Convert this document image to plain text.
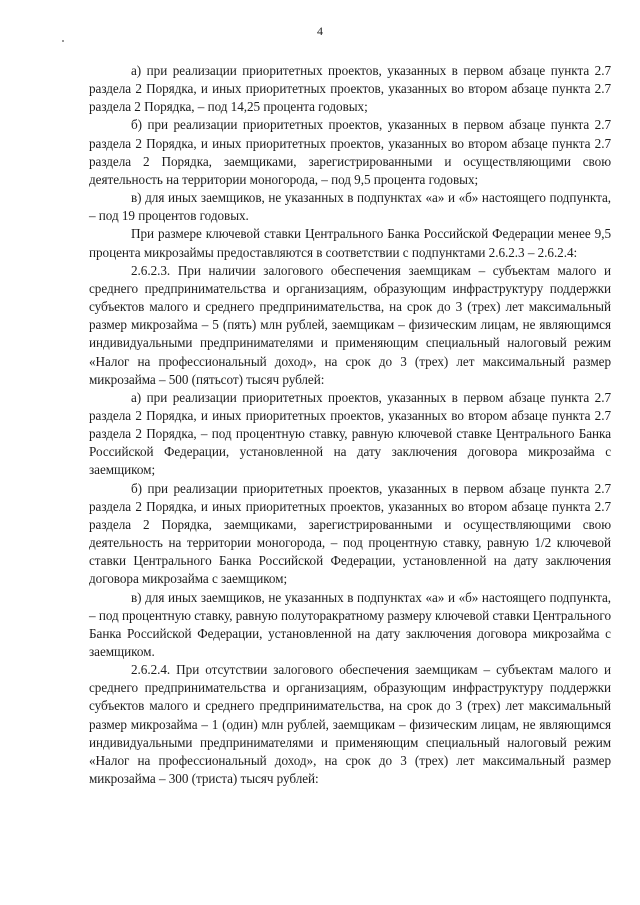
4

а) при реализации приоритетных проектов, указанных в первом абзаце пункта 2.7 раздела 2 Порядка, и иных приоритетных проектов, указанных во втором абзаце пункта 2.7 раздела 2 Порядка, – под 14,25 процента годовых;

б) при реализации приоритетных проектов, указанных в первом абзаце пункта 2.7 раздела 2 Порядка, и иных приоритетных проектов, указанных во втором абзаце пункта 2.7 раздела 2 Порядка, заемщиками, зарегистрированными и осуществляющими свою деятельность на территории моногорода, – под 9,5 процента годовых;

в) для иных заемщиков, не указанных в подпунктах «а» и «б» настоящего подпункта, – под 19 процентов годовых.

При размере ключевой ставки Центрального Банка Российской Федерации менее 9,5 процента микрозаймы предоставляются в соответствии с подпунктами 2.6.2.3 – 2.6.2.4:

2.6.2.3. При наличии залогового обеспечения заемщикам – субъектам малого и среднего предпринимательства и организациям, образующим инфраструктуру поддержки субъектов малого и среднего предпринимательства, на срок до 3 (трех) лет максимальный размер микрозайма – 5 (пять) млн рублей, заемщикам – физическим лицам, не являющимся индивидуальными предпринимателями и применяющим специальный налоговый режим «Налог на профессиональный доход», на срок до 3 (трех) лет максимальный размер микрозайма – 500 (пятьсот) тысяч рублей:

а) при реализации приоритетных проектов, указанных в первом абзаце пункта 2.7 раздела 2 Порядка, и иных приоритетных проектов, указанных во втором абзаце пункта 2.7 раздела 2 Порядка, – под процентную ставку, равную ключевой ставке Центрального Банка Российской Федерации, установленной на дату заключения договора микрозайма с заемщиком;

б) при реализации приоритетных проектов, указанных в первом абзаце пункта 2.7 раздела 2 Порядка, и иных приоритетных проектов, указанных во втором абзаце пункта 2.7 раздела 2 Порядка, заемщиками, зарегистрированными и осуществляющими свою деятельность на территории моногорода, – под процентную ставку, равную 1/2 ключевой ставки Центрального Банка Российской Федерации, установленной на дату заключения договора микрозайма с заемщиком;

в) для иных заемщиков, не указанных в подпунктах «а» и «б» настоящего подпункта, – под процентную ставку, равную полуторакратному размеру ключевой ставки Центрального Банка Российской Федерации, установленной на дату заключения договора микрозайма с заемщиком.

2.6.2.4. При отсутствии залогового обеспечения заемщикам – субъектам малого и среднего предпринимательства и организациям, образующим инфраструктуру поддержки субъектов малого и среднего предпринимательства, на срок до 3 (трех) лет максимальный размер микрозайма – 1 (один) млн рублей, заемщикам – физическим лицам, не являющимся индивидуальными предпринимателями и применяющим специальный налоговый режим «Налог на профессиональный доход», на срок до 3 (трех) лет максимальный размер микрозайма – 300 (триста) тысяч рублей:
